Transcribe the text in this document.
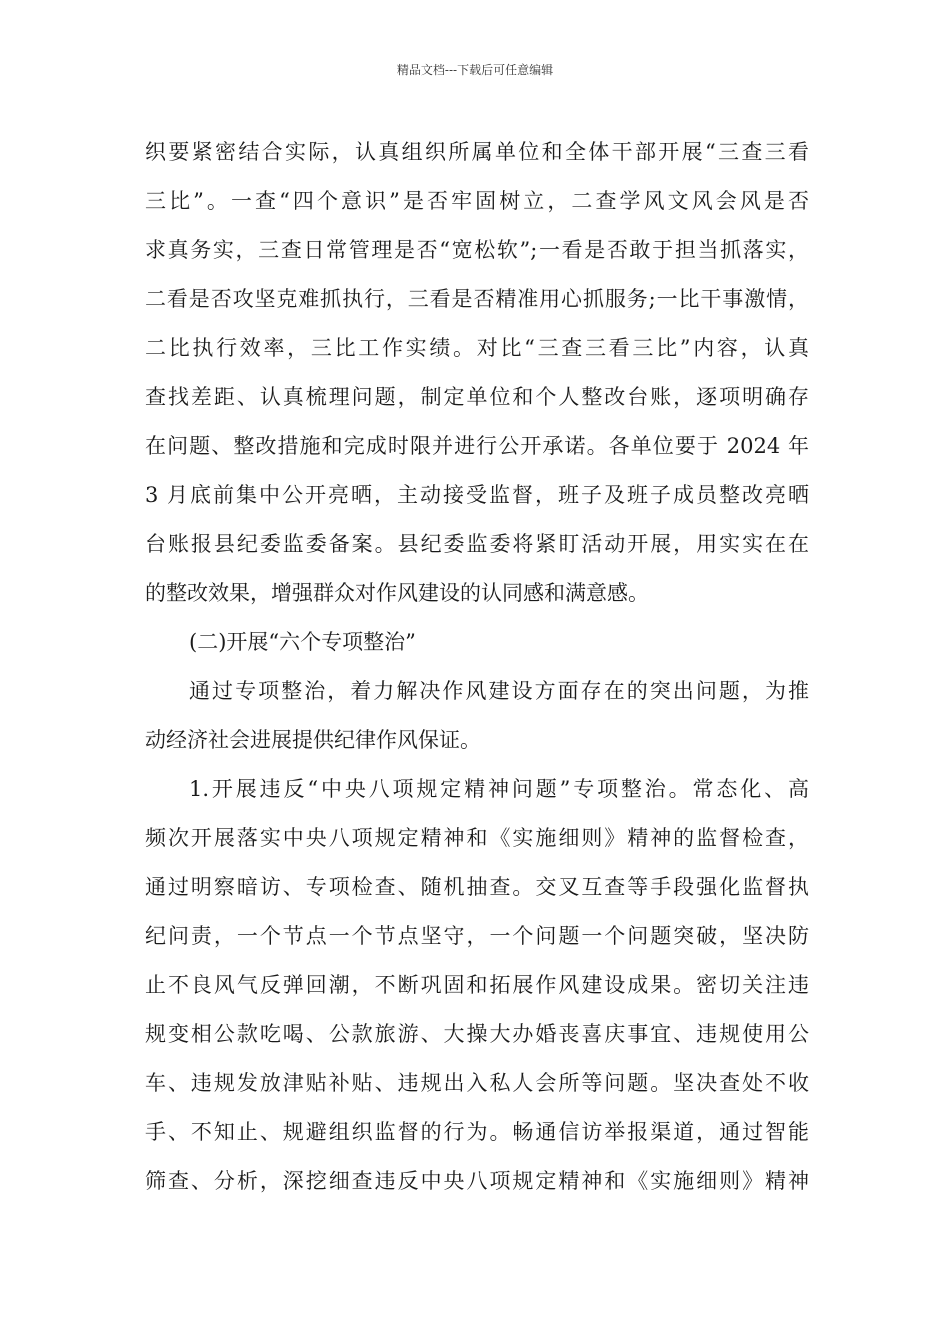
精品文档---下载后可任意编辑
织要紧密结合实际，认真组织所属单位和全体干部开展“三查三看
三比”。一查“四个意识”是否牢固树立，二查学风文风会风是否
求真务实，三查日常管理是否“宽松软”;一看是否敢于担当抓落实，
二看是否攻坚克难抓执行，三看是否精准用心抓服务;一比干事激情，
二比执行效率，三比工作实绩。对比“三查三看三比”内容，认真
查找差距、认真梳理问题，制定单位和个人整改台账，逐项明确存
在问题、整改措施和完成时限并进行公开承诺。各单位要于 2024 年
3 月底前集中公开亮晒，主动接受监督，班子及班子成员整改亮晒
台账报县纪委监委备案。县纪委监委将紧盯活动开展，用实实在在
的整改效果，增强群众对作风建设的认同感和满意感。
(二)开展“六个专项整治”
通过专项整治，着力解决作风建设方面存在的突出问题，为推
动经济社会进展提供纪律作风保证。
1.开展违反“中央八项规定精神问题”专项整治。常态化、高
频次开展落实中央八项规定精神和《实施细则》精神的监督检查，
通过明察暗访、专项检查、随机抽查。交叉互查等手段强化监督执
纪问责，一个节点一个节点坚守，一个问题一个问题突破，坚决防
止不良风气反弹回潮，不断巩固和拓展作风建设成果。密切关注违
规变相公款吃喝、公款旅游、大操大办婚丧喜庆事宜、违规使用公
车、违规发放津贴补贴、违规出入私人会所等问题。坚决查处不收
手、不知止、规避组织监督的行为。畅通信访举报渠道，通过智能
筛查、分析，深挖细查违反中央八项规定精神和《实施细则》精神
